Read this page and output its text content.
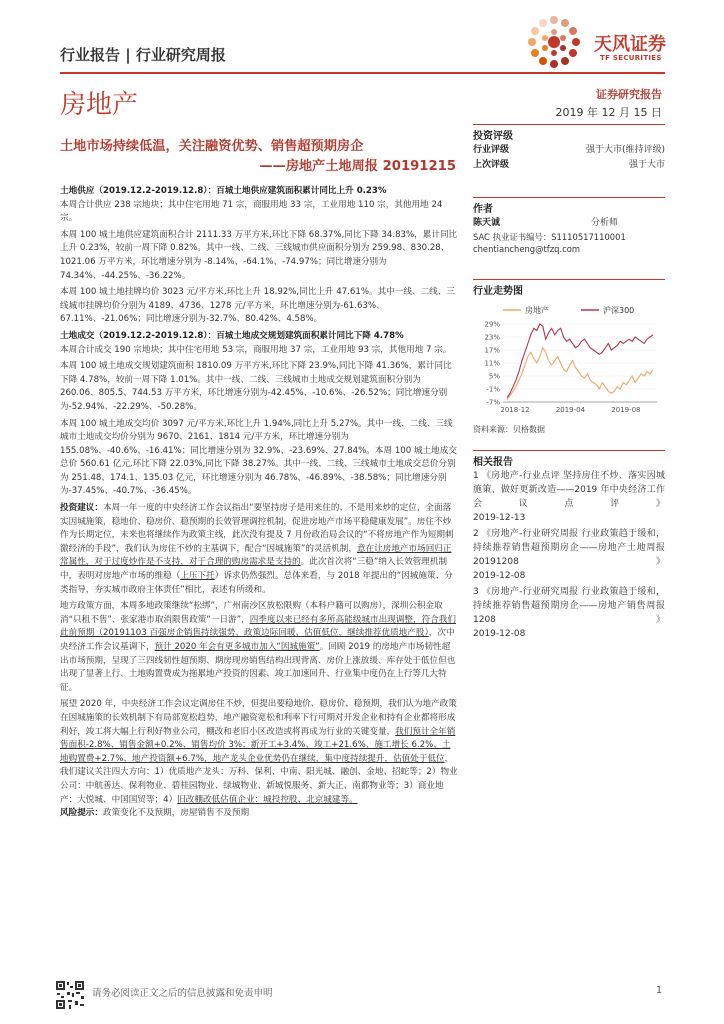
行业报告 | 行业研究周报	天风证券
TF SECURITIES
房地产	证券研究报告
2019 年 12 月 15 日
土地市场持续低温，关注融资优势、销售超预期房企
——房地产土地周报 20191215

土地供应（2019.12.2-2019.12.8）：百城土地供应建筑面积累计同比上升 0.23%

本周合计供应 238 宗地块；其中住宅用地 71 宗，商服用地 33 宗，工业用地 110 宗，其他用地 24 宗。

本周 100 城土地供应建筑面积合计 2111.33 万平方米,环比下降 68.37%,同比下降 34.83%，累计同比上升 0.23%，较前一周下降 0.82%。其中一线、二线、三线城市供应面积分别为 259.98、830.28、1021.06 万平方米，环比增速分别为 -8.14%、-64.1%、-74.97%；同比增速分别为 74.34%、-44.25%、-36.22%。

本周 100 城土地挂牌均价 3023 元/平方米,环比上升 18.92%,同比上升 47.61%。其中一线、二线、三线城市挂牌均价分别为 4189、4736、1278 元/平方米，环比增速分别为-61.63%、67.11%、-21.06%；同比增速分别为-32.7%、80.42%、4.58%。

土地成交（2019.12.2-2019.12.8）：百城土地成交规划建筑面积累计同比下降 4.78%

本周合计成交 190 宗地块；其中住宅用地 53 宗，商服用地 37 宗，工业用地 93 宗，其他用地 7 宗。

本周 100 城土地成交规划建筑面积 1810.09 万平方米,环比下降 23.9%,同比下降 41.36%，累计同比下降 4.78%，较前一周下降 1.01%。其中一线、二线、三线城市土地成交规划建筑面积分别为 260.06、805.5、744.53 万平方米，环比增速分别为-42.45%、-10.6%、-26.52%；同比增速分别为-52.94%、-22.29%、-50.28%。

本周 100 城土地成交均价 3097 元/平方米,环比上升 1.94%,同比上升 5.27%。其中一线、二线、三线城市土地成交均价分别为 9670、2161、1814 元/平方米，环比增速分别为 155.08%、-40.6%、-16.41%；同比增速分别为 32.9%、-23.69%、27.84%。本周 100 城土地成交总价 560.61 亿元,环比下降 22.03%,同比下降 38.27%。其中一线、二线、三线城市土地成交总价分别为 251.48、174.1、135.03 亿元，环比增速分别为 46.78%、-46.89%、-38.58%；同比增速分别为-37.45%、-40.7%、-36.45%。

投资建议：本周一年一度的中央经济工作会议指出“要坚持房子是用来住的、不是用来炒的定位，全面落实因城施策，稳地价、稳房价、稳预期的长效管理调控机制，促进房地产市场平稳健康发展”。房住不炒作为长期定位，未来也将继续作为政策主线，此次没有提及 7 月份政治局会议的“不将房地产作为短期刺激经济的手段”，我们认为房住不炒的主基调下，配合“因城施策”的灵活机制，意在让房地产市场回归正常属性，对于过度炒作是不支持，对于合理的购房需求是支持的。此次首次将“三稳”纳入长效管理机制中，表明对房地产市场的维稳（上压下托）诉求仍然强烈。总体来看，与 2018 年提出的“因城施策、分类指导，夯实城市政府主体责任”相比，表述有所缓和。

地方政策方面，本周多地政策继续“松绑”，广州南沙区放松限购（本科户籍可以购房），深圳公积金取消“只租不售”、张家港市取消限售政策“一日游”，四季度以来已经有多所高能级城市出现调整，符合我们此前预期（20191103 百强房企销售持续强势、政策边际回暖、估值低位，继续推荐优质地产股），次中央经济工作会议基调下，预计 2020 年会有更多城市加入“因城施策”。回顾 2019 的房地产市场韧性超出市场预期，呈现了三四线韧性超预期、期房现房销售结构出现背离、房价上涨放缓、库存处于低位但也出现了显著上行、土地购置费成为拖累地产投资的因素、竣工加速回升、行业集中度仍在上行等几大特征。

展望 2020 年，中央经济工作会议定调房住不炒，但提出要稳地价、稳房价、稳预期，我们认为地产政策在因城施策的长效机制下有局部宽松趋势，地产融资宽松和利率下行可期对开发企业和持有企业都将形成利好，竣工将大幅上行利好物业公司，棚改和老旧小区改造或将再成为行业的关键变量，我们预计全年销售面积-2.8%、销售金额+0.2%、销售均价 3%；新开工+3.4%、竣工+21.6%、施工增长 6.2%、土地购置费+2.7%、地产投资额+6.7%，地产龙头企业优势仍在继续，集中度持续提升，估值处于低位，我们建议关注四大方向：1）优质地产龙头：万科、保利、中南、阳光城、融创、金地、招蛇等；2）物业公司：中航善达、保利物业、碧桂园物业、绿城物业、新城悦服务、新大正、南都物业等；3）商业地产：大悦城、中国国贸等；4）旧改棚改低估值企业：城投控股、北京城建等。

风险提示：政策变化不及预期，房屋销售不及预期

投资评级
行业评级	强于大市(维持评级)
上次评级	强于大市
作者
陈天诚	分析师
SAC 执业证书编号：S1110517110001
chentiancheng@tfzq.com
行业走势图
房地产	沪深300
29%
23%
17%
11%
5%
-1%
-7%
2018-12	2019-04	2019-08
资料来源：贝格数据
相关报告
1 《房地产-行业点评 坚持房住不炒、落实因城施策、做好更新改造——2019 年中央经济工作会议点评》
2019-12-13
2 《房地产-行业研究周报 行业政策趋于缓和，持续推荐销售超预期房企——房地产土地周报 20191208》
2019-12-08
3 《房地产-行业研究周报 行业政策趋于缓和，持续推荐销售超预期房企——房地产销售周报 1208》
2019-12-08
请务必阅读正文之后的信息披露和免责申明	1
